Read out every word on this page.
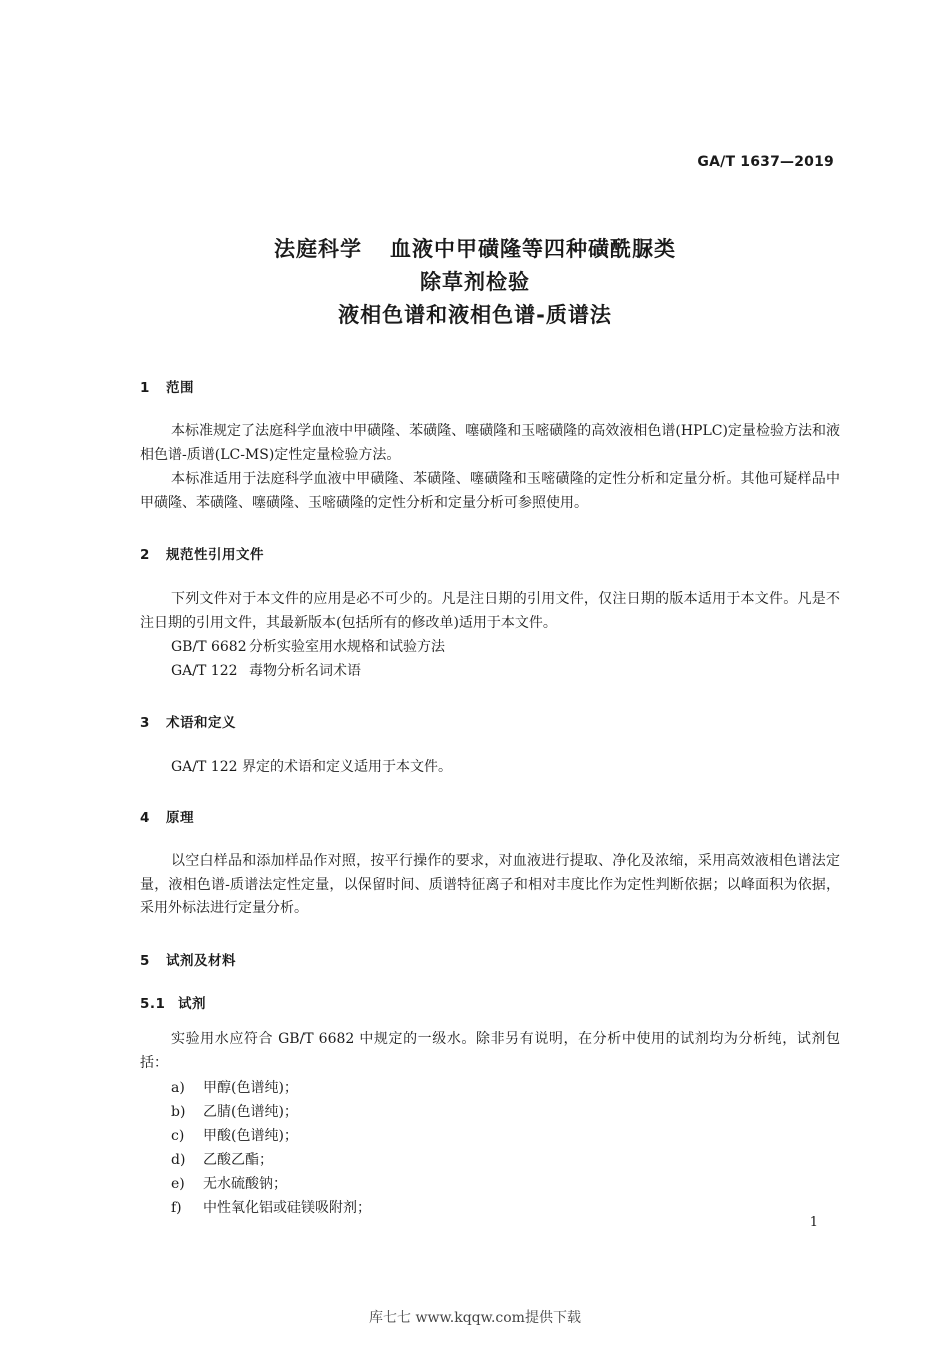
GA/T 1637—2019
法庭科学 血液中甲磺隆等四种磺酰脲类
除草剂检验
液相色谱和液相色谱-质谱法
1 范围
本标准规定了法庭科学血液中甲磺隆、苯磺隆、噻磺隆和玉嘧磺隆的高效液相色谱(HPLC)定量检验方法和液相色谱-质谱(LC-MS)定性定量检验方法。
本标准适用于法庭科学血液中甲磺隆、苯磺隆、噻磺隆和玉嘧磺隆的定性分析和定量分析。其他可疑样品中甲磺隆、苯磺隆、噻磺隆、玉嘧磺隆的定性分析和定量分析可参照使用。
2 规范性引用文件
下列文件对于本文件的应用是必不可少的。凡是注日期的引用文件，仅注日期的版本适用于本文件。凡是不注日期的引用文件，其最新版本(包括所有的修改单)适用于本文件。
GB/T 6682 分析实验室用水规格和试验方法
GA/T 122 毒物分析名词术语
3 术语和定义
GA/T 122 界定的术语和定义适用于本文件。
4 原理
以空白样品和添加样品作对照，按平行操作的要求，对血液进行提取、净化及浓缩，采用高效液相色谱法定量，液相色谱-质谱法定性定量，以保留时间、质谱特征离子和相对丰度比作为定性判断依据；以峰面积为依据，采用外标法进行定量分析。
5 试剂及材料
5.1 试剂
实验用水应符合 GB/T 6682 中规定的一级水。除非另有说明，在分析中使用的试剂均为分析纯，试剂包括：
a) 甲醇(色谱纯)；
b) 乙腈(色谱纯)；
c) 甲酸(色谱纯)；
d) 乙酸乙酯；
e) 无水硫酸钠；
f) 中性氧化铝或硅镁吸附剂；
1
库七七 www.kqqw.com提供下载
